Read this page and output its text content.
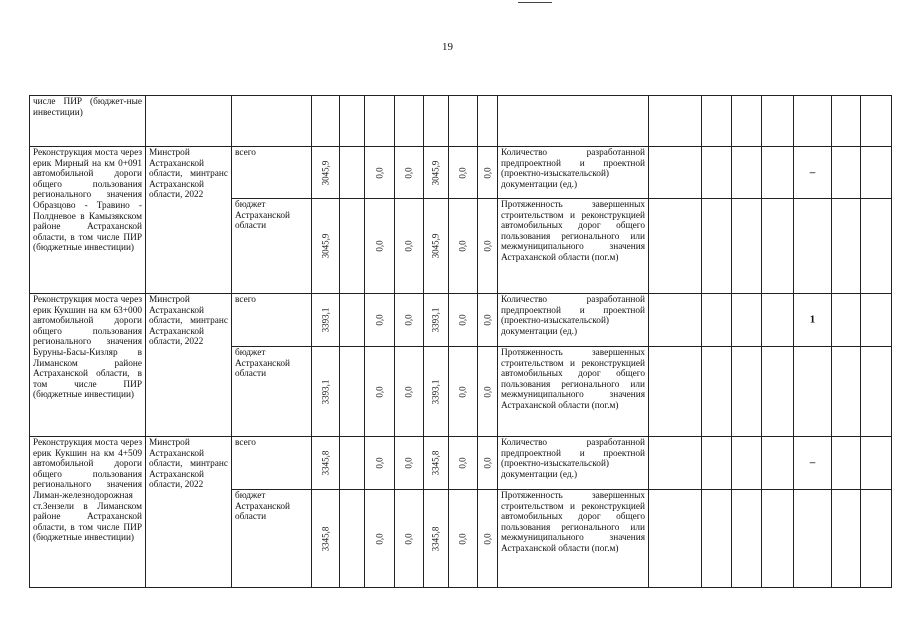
19
числе ПИР (бюджет-ные инвестиции)																	
Реконструкция моста через ерик Мирный на км 0+091 автомобильной дороги общего пользования регионального значения Образцово - Травино - Полдневое в Камызякском районе Астраханской области, в том числе ПИР (бюджетные инвестиции)	Минстрой Астраханской области, минтранс Астраханской области, 2022	всего	3045,9		0,0	0,0	3045,9	0,0	0,0	Количество разработанной предпроектной и проектной (проектно-изыскательской) документации (ед.)					–		

		бюджет Астраханской области	3045,9		0,0	0,0	3045,9	0,0	0,0	Протяженность завершенных строительством и реконструкцией автомобильных дорог общего пользования регионального или межмуниципального значения Астраханской области (пог.м)							
Реконструкция моста через ерик Кукшин на км 63+000 автомобильной дороги общего пользования регионального значения Буруны-Басы-Кизляр в Лиманском районе Астраханской области, в том числе ПИР (бюджетные инвестиции)	Минстрой Астраханской области, минтранс Астраханской области, 2022	всего	3393,1		0,0	0,0	3393,1	0,0	0,0	Количество разработанной предпроектной и проектной (проектно-изыскательской) документации (ед.)					1		

		бюджет Астраханской области	3393,1		0,0	0,0	3393,1	0,0	0,0	Протяженность завершенных строительством и реконструкцией автомобильных дорог общего пользования регионального или межмуниципального значения Астраханской области (пог.м)							
Реконструкция моста через ерик Кукшин на км 4+509 автомобильной дороги общего пользования регионального значения Лиман-железнодорожная ст.Зензели в Лиманском районе Астраханской области, в том числе ПИР (бюджетные инвестиции)	Минстрой Астраханской области, минтранс Астраханской области, 2022	всего	3345,8		0,0	0,0	3345,8	0,0	0,0	Количество разработанной предпроектной и проектной (проектно-изыскательской) документации (ед.)					–		

		бюджет Астраханской области	3345,8		0,0	0,0	3345,8	0,0	0,0	Протяженность завершенных строительством и реконструкцией автомобильных дорог общего пользования регионального или межмуниципального значения Астраханской области (пог.м)							
